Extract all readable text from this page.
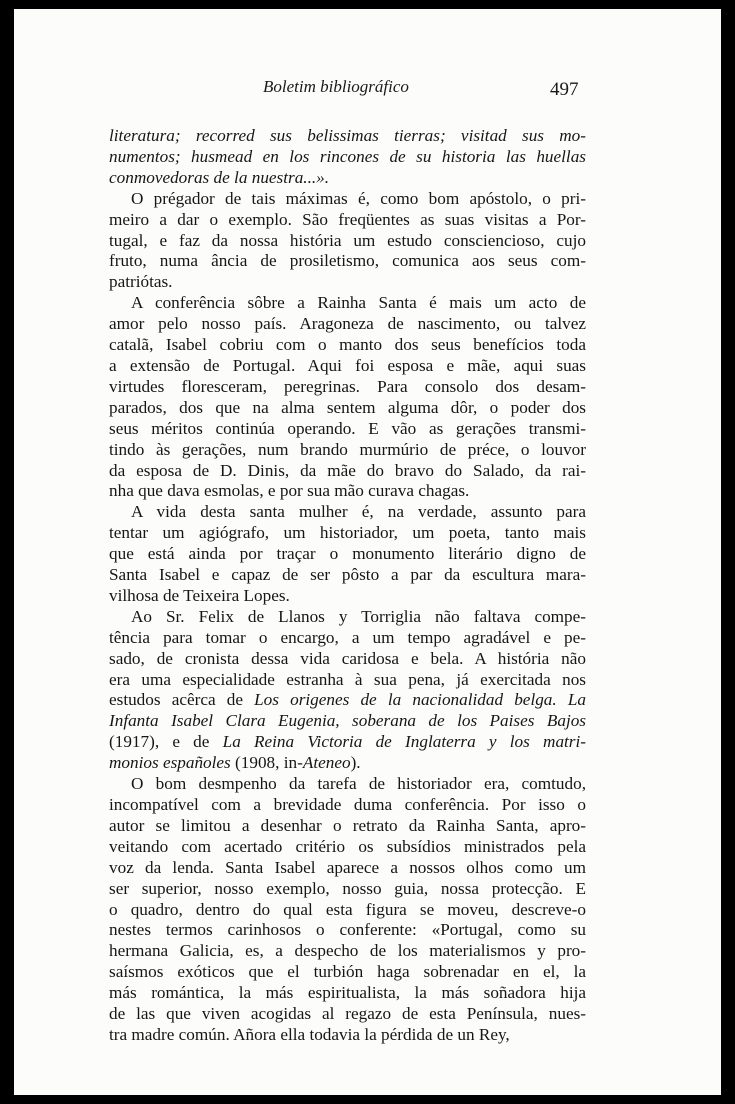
Boletim bibliográfico	497

literatura; recorred sus belissimas tierras; visitad sus mo-
numentos; husmead en los rincones de su historia las huellas
conmovedoras de la nuestra...».

O prégador de tais máximas é, como bom apóstolo, o pri-
meiro a dar o exemplo. São freqüentes as suas visitas a Por-
tugal, e faz da nossa história um estudo consciencioso, cujo
fruto, numa ância de prosiletismo, comunica aos seus com-
patriótas.

A conferência sôbre a Rainha Santa é mais um acto de
amor pelo nosso país. Aragoneza de nascimento, ou talvez
catalã, Isabel cobriu com o manto dos seus benefícios toda
a extensão de Portugal. Aqui foi esposa e mãe, aqui suas
virtudes floresceram, peregrinas. Para consolo dos desam-
parados, dos que na alma sentem alguma dôr, o poder dos
seus méritos continúa operando. E vão as gerações transmi-
tindo às gerações, num brando murmúrio de préce, o louvor
da esposa de D. Dinis, da mãe do bravo do Salado, da rai-
nha que dava esmolas, e por sua mão curava chagas.

A vida desta santa mulher é, na verdade, assunto para
tentar um agiógrafo, um historiador, um poeta, tanto mais
que está ainda por traçar o monumento literário digno de
Santa Isabel e capaz de ser pôsto a par da escultura mara-
vilhosa de Teixeira Lopes.

Ao Sr. Felix de Llanos y Torriglia não faltava compe-
tência para tomar o encargo, a um tempo agradável e pe-
sado, de cronista dessa vida caridosa e bela. A história não
era uma especialidade estranha à sua pena, já exercitada nos
estudos acêrca de Los origenes de la nacionalidad belga. La
Infanta Isabel Clara Eugenia, soberana de los Paises Bajos
(1917), e de La Reina Victoria de Inglaterra y los matri-
monios españoles (1908, in-Ateneo).

O bom desmpenho da tarefa de historiador era, comtudo,
incompatível com a brevidade duma conferência. Por isso o
autor se limitou a desenhar o retrato da Rainha Santa, apro-
veitando com acertado critério os subsídios ministrados pela
voz da lenda. Santa Isabel aparece a nossos olhos como um
ser superior, nosso exemplo, nosso guia, nossa protecção. E
o quadro, dentro do qual esta figura se moveu, descreve-o
nestes termos carinhosos o conferente: «Portugal, como su
hermana Galicia, es, a despecho de los materialismos y pro-
saísmos exóticos que el turbión haga sobrenadar en el, la
más romántica, la más espiritualista, la más soñadora hija
de las que viven acogidas al regazo de esta Península, nues-
tra madre común. Añora ella todavia la pérdida de un Rey,
